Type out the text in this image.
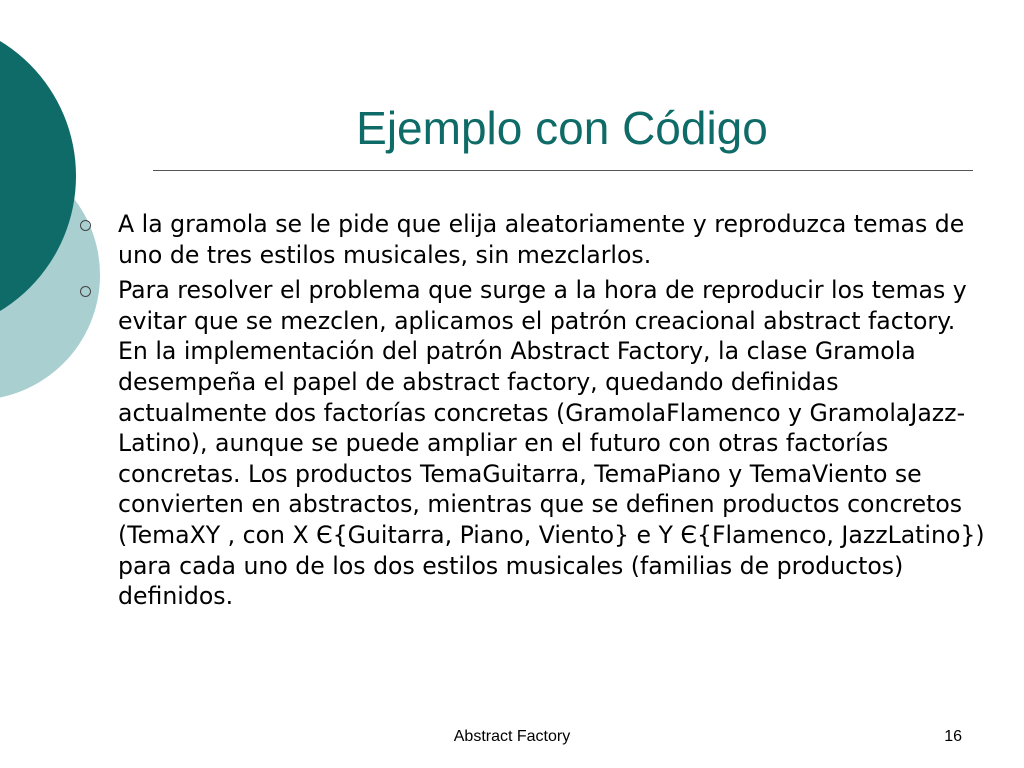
Ejemplo con Código
A la gramola se le pide que elija aleatoriamente y reproduzca temas de uno de tres estilos musicales, sin mezclarlos.
Para resolver el problema que surge a la hora de reproducir los temas y evitar que se mezclen, aplicamos el patrón creacional abstract factory. En la implementación del patrón Abstract Factory, la clase Gramola desempeña el papel de abstract factory, quedando definidas actualmente dos factorías concretas (GramolaFlamenco y GramolaJazz-Latino), aunque se puede ampliar en el futuro con otras factorías concretas. Los productos TemaGuitarra, TemaPiano y TemaViento se convierten en abstractos, mientras que se definen productos concretos (TemaXY , con X Є{Guitarra, Piano, Viento} e Y Є{Flamenco, JazzLatino}) para cada uno de los dos estilos musicales (familias de productos) definidos.
Abstract Factory	16
